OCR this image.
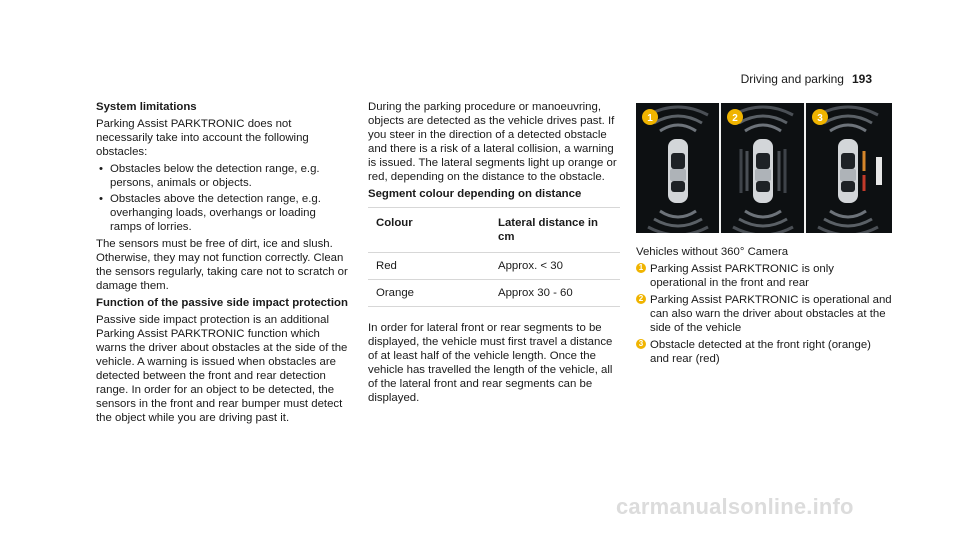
Driving and parking 193
System limitations

Parking Assist PARKTRONIC does not necessarily take into account the following obstacles:

• Obstacles below the detection range, e.g. persons, animals or objects.
• Obstacles above the detection range, e.g. overhanging loads, overhangs or loading ramps of lorries.

The sensors must be free of dirt, ice and slush. Otherwise, they may not function correctly. Clean the sensors regularly, taking care not to scratch or damage them.

Function of the passive side impact protection

Passive side impact protection is an additional Parking Assist PARKTRONIC function which warns the driver about obstacles at the side of the vehicle. A warning is issued when obstacles are detected between the front and rear detection range. In order for an object to be detected, the sensors in the front and rear bumper must detect the object while you are driving past it.

During the parking procedure or manoeuvring, objects are detected as the vehicle drives past. If you steer in the direction of a detected obstacle and there is a risk of a lateral collision, a warning is issued. The lateral segments light up orange or red, depending on the distance to the obstacle.

Segment colour depending on distance
Colour	Lateral distance in cm
Red	Approx. < 30
Orange	Approx 30 - 60

In order for lateral front or rear segments to be displayed, the vehicle must first travel a distance of at least half of the vehicle length. Once the vehicle has travelled the length of the vehicle, all of the lateral front and rear segments can be displayed.

1	2	3
Vehicles without 360° Camera
1 Parking Assist PARKTRONIC is only operational in the front and rear
2 Parking Assist PARKTRONIC is operational and can also warn the driver about obstacles at the side of the vehicle
3 Obstacle detected at the front right (orange) and rear (red)
carmanualsonline.info
